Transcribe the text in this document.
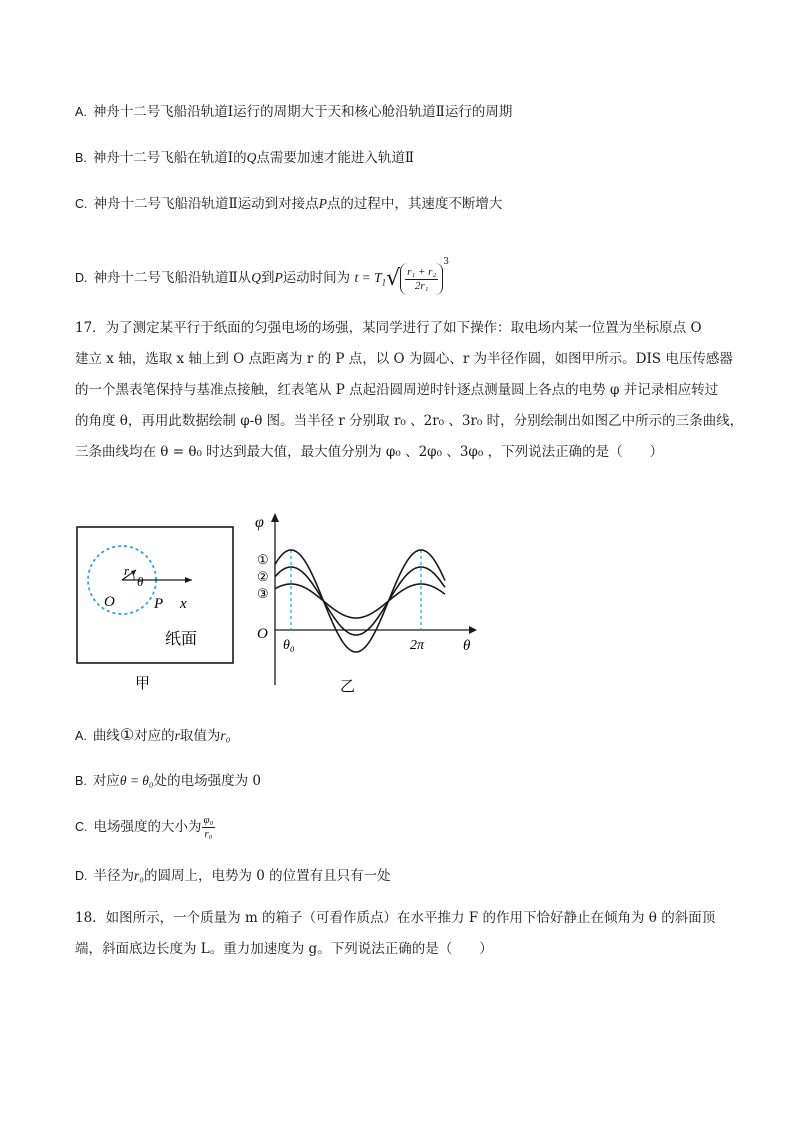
A. 神舟十二号飞船沿轨道Ⅰ运行的周期大于天和核心舱沿轨道Ⅱ运行的周期
B. 神舟十二号飞船在轨道Ⅰ的Q点需要加速才能进入轨道Ⅱ
C. 神舟十二号飞船沿轨道Ⅱ运动到对接点P点的过程中，其速度不断增大
D. 神舟十二号飞船沿轨道Ⅱ从Q到P运动时间为 $t = T_1√ \frac{\text{r₁ + r₂}}{\text{2r₁}}$
$^3$
17．为了测定某平行于纸面的匀强电场的场强，某同学进行了如下操作：取电场内某一位置为坐标原点 O
建立 x 轴，选取 x 轴上到 O 点距离为 r 的 P 点，以 O 为圆心、r 为半径作圆，如图甲所示。DIS 电压传感器
的一个黑表笔保持与基准点接触，红表笔从 P 点起沿圆周逆时针逐点测量圆上各点的电势 φ 并记录相应转过
的角度 θ，再用此数据绘制 φ-θ 图。当半径 r 分别取 r₀ 、2r₀ 、3r₀ 时，分别绘制出如图乙中所示的三条曲线，
三条曲线均在 θ = θ₀ 时达到最大值，最大值分别为 φ₀ 、2φ₀ 、3φ₀ ，下列说法正确的是（　　）
O
r
θ
P x
纸面
甲
φ
θ
O
θ₀	2π
①
②
③
乙
A. 曲线①对应的r取值为r₀
B. 对应θ = θ₀处的电场强度为 0
C. 电场强度的大小为 $\frac{\text{φ₀}}{\text{r₀}}$
D. 半径为r₀的圆周上，电势为 0 的位置有且只有一处
18．如图所示，一个质量为 m 的箱子（可看作质点）在水平推力 F 的作用下恰好静止在倾角为 θ 的斜面顶
端，斜面底边长度为 L。重力加速度为 g。下列说法正确的是（　　）
